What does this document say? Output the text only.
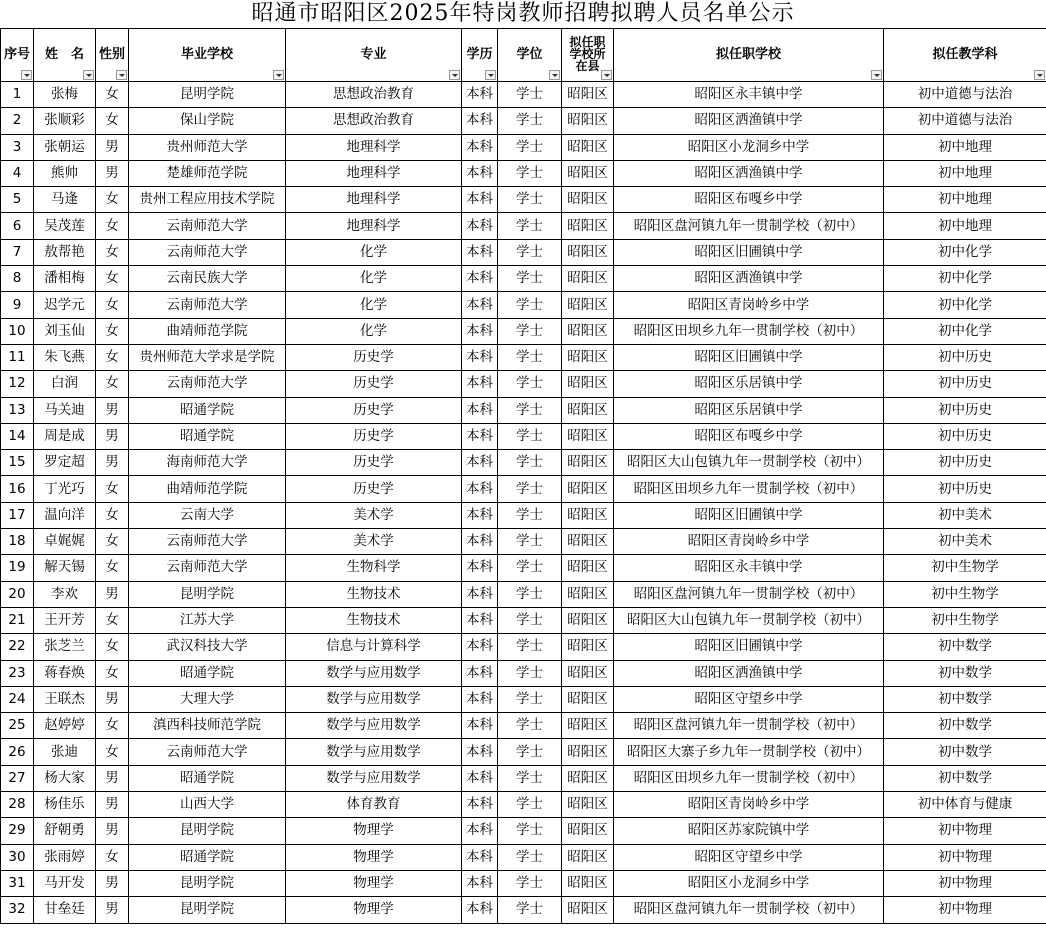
昭通市昭阳区2025年特岗教师招聘拟聘人员名单公示
序号	姓　名	性别	毕业学校	专业	学历	学位	拟任职
学校所
在县	拟任职学校	拟任教学科

1	张梅	女	昆明学院	思想政治教育	本科	学士	昭阳区	昭阳区永丰镇中学	初中道德与法治
2	张顺彩	女	保山学院	思想政治教育	本科	学士	昭阳区	昭阳区洒渔镇中学	初中道德与法治
3	张朝运	男	贵州师范大学	地理科学	本科	学士	昭阳区	昭阳区小龙洞乡中学	初中地理
4	熊帅	男	楚雄师范学院	地理科学	本科	学士	昭阳区	昭阳区洒渔镇中学	初中地理
5	马逢	女	贵州工程应用技术学院	地理科学	本科	学士	昭阳区	昭阳区布嘎乡中学	初中地理
6	吴茂莲	女	云南师范大学	地理科学	本科	学士	昭阳区	昭阳区盘河镇九年一贯制学校（初中）	初中地理
7	敖帮艳	女	云南师范大学	化学	本科	学士	昭阳区	昭阳区旧圃镇中学	初中化学
8	潘相梅	女	云南民族大学	化学	本科	学士	昭阳区	昭阳区洒渔镇中学	初中化学
9	迟学元	女	云南师范大学	化学	本科	学士	昭阳区	昭阳区青岗岭乡中学	初中化学
10	刘玉仙	女	曲靖师范学院	化学	本科	学士	昭阳区	昭阳区田坝乡九年一贯制学校（初中）	初中化学
11	朱飞燕	女	贵州师范大学求是学院	历史学	本科	学士	昭阳区	昭阳区旧圃镇中学	初中历史
12	白润	女	云南师范大学	历史学	本科	学士	昭阳区	昭阳区乐居镇中学	初中历史
13	马关迪	男	昭通学院	历史学	本科	学士	昭阳区	昭阳区乐居镇中学	初中历史
14	周是成	男	昭通学院	历史学	本科	学士	昭阳区	昭阳区布嘎乡中学	初中历史
15	罗定超	男	海南师范大学	历史学	本科	学士	昭阳区	昭阳区大山包镇九年一贯制学校（初中）	初中历史
16	丁光巧	女	曲靖师范学院	历史学	本科	学士	昭阳区	昭阳区田坝乡九年一贯制学校（初中）	初中历史
17	温向洋	女	云南大学	美术学	本科	学士	昭阳区	昭阳区旧圃镇中学	初中美术
18	卓娓娓	女	云南师范大学	美术学	本科	学士	昭阳区	昭阳区青岗岭乡中学	初中美术
19	解天锡	女	云南师范大学	生物科学	本科	学士	昭阳区	昭阳区永丰镇中学	初中生物学
20	李欢	男	昆明学院	生物技术	本科	学士	昭阳区	昭阳区盘河镇九年一贯制学校（初中）	初中生物学
21	王开芳	女	江苏大学	生物技术	本科	学士	昭阳区	昭阳区大山包镇九年一贯制学校（初中）	初中生物学
22	张芝兰	女	武汉科技大学	信息与计算科学	本科	学士	昭阳区	昭阳区旧圃镇中学	初中数学
23	蒋春焕	女	昭通学院	数学与应用数学	本科	学士	昭阳区	昭阳区洒渔镇中学	初中数学
24	王联杰	男	大理大学	数学与应用数学	本科	学士	昭阳区	昭阳区守望乡中学	初中数学
25	赵婷婷	女	滇西科技师范学院	数学与应用数学	本科	学士	昭阳区	昭阳区盘河镇九年一贯制学校（初中）	初中数学
26	张迪	女	云南师范大学	数学与应用数学	本科	学士	昭阳区	昭阳区大寨子乡九年一贯制学校（初中）	初中数学
27	杨大家	男	昭通学院	数学与应用数学	本科	学士	昭阳区	昭阳区田坝乡九年一贯制学校（初中）	初中数学
28	杨佳乐	男	山西大学	体育教育	本科	学士	昭阳区	昭阳区青岗岭乡中学	初中体育与健康
29	舒朝勇	男	昆明学院	物理学	本科	学士	昭阳区	昭阳区苏家院镇中学	初中物理
30	张雨婷	女	昭通学院	物理学	本科	学士	昭阳区	昭阳区守望乡中学	初中物理
31	马开发	男	昆明学院	物理学	本科	学士	昭阳区	昭阳区小龙洞乡中学	初中物理
32	甘垒廷	男	昆明学院	物理学	本科	学士	昭阳区	昭阳区盘河镇九年一贯制学校（初中）	初中物理
